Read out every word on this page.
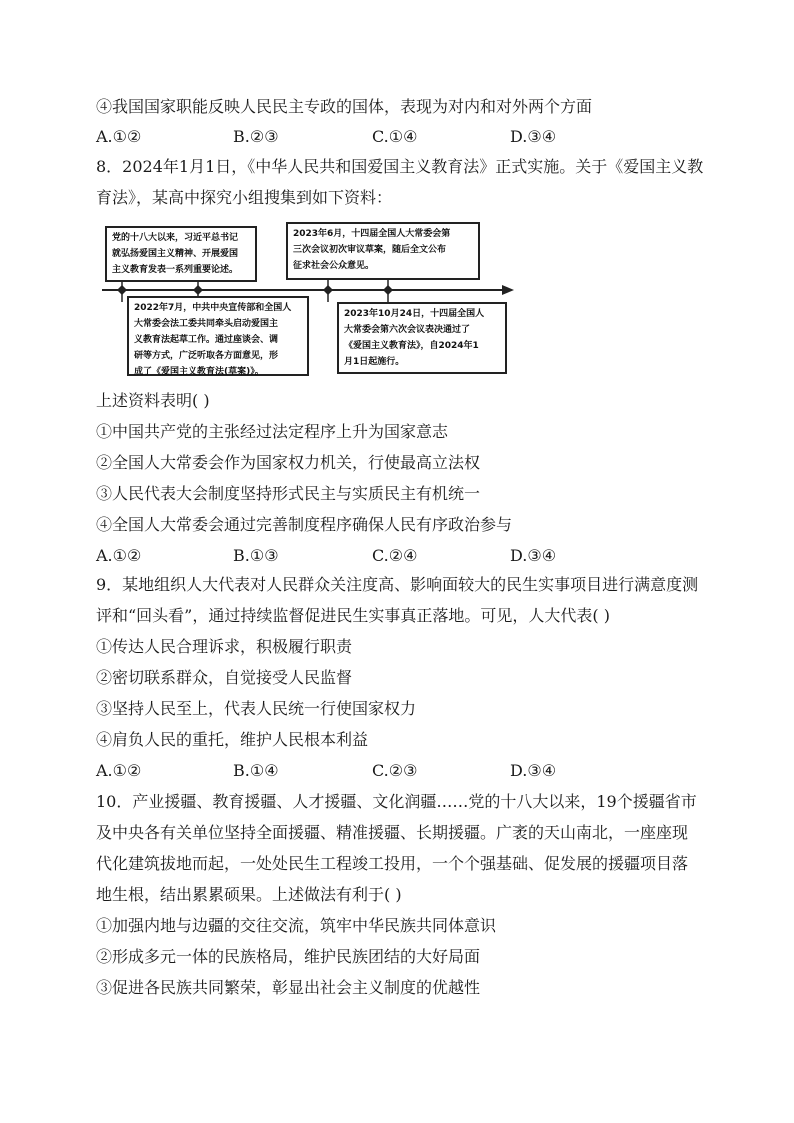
④我国国家职能反映人民民主专政的国体，表现为对内和对外两个方面
A.①②	B.②③	C.①④	D.③④
8．2024年1月1日，《中华人民共和国爱国主义教育法》正式实施。关于《爱国主义教
育法》，某高中探究小组搜集到如下资料：
党的十八大以来，习近平总书记
就弘扬爱国主义精神、开展爱国
主义教育发表一系列重要论述。
2023年6月，十四届全国人大常委会第
三次会议初次审议草案，随后全文公布
征求社会公众意见。
2022年7月，中共中央宣传部和全国人
大常委会法工委共同牵头启动爱国主
义教育法起草工作。通过座谈会、调
研等方式，广泛听取各方面意见，形
成了《爱国主义教育法(草案)》。
2023年10月24日，十四届全国人
大常委会第六次会议表决通过了
《爱国主义教育法》，自2024年1
月1日起施行。
上述资料表明( )
①中国共产党的主张经过法定程序上升为国家意志
②全国人大常委会作为国家权力机关，行使最高立法权
③人民代表大会制度坚持形式民主与实质民主有机统一
④全国人大常委会通过完善制度程序确保人民有序政治参与
A.①②	B.①③	C.②④	D.③④
9．某地组织人大代表对人民群众关注度高、影响面较大的民生实事项目进行满意度测
评和“回头看”，通过持续监督促进民生实事真正落地。可见，人大代表( )
①传达人民合理诉求，积极履行职责
②密切联系群众，自觉接受人民监督
③坚持人民至上，代表人民统一行使国家权力
④肩负人民的重托，维护人民根本利益
A.①②	B.①④	C.②③	D.③④
10．产业援疆、教育援疆、人才援疆、文化润疆……党的十八大以来，19个援疆省市
及中央各有关单位坚持全面援疆、精准援疆、长期援疆。广袤的天山南北，一座座现
代化建筑拔地而起，一处处民生工程竣工投用，一个个强基础、促发展的援疆项目落
地生根，结出累累硕果。上述做法有利于( )
①加强内地与边疆的交往交流，筑牢中华民族共同体意识
②形成多元一体的民族格局，维护民族团结的大好局面
③促进各民族共同繁荣，彰显出社会主义制度的优越性
